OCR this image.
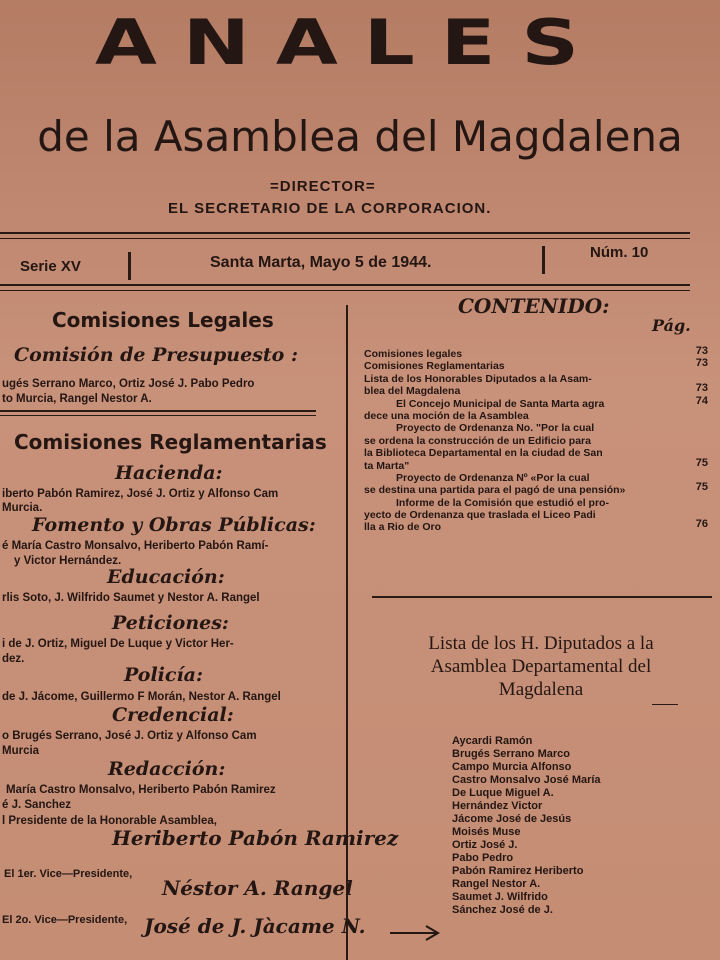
ANALES
de la Asamblea del Magdalena
=DIRECTOR=
EL SECRETARIO DE LA CORPORACION.
Serie XV	Santa Marta, Mayo 5 de 1944.
Núm. 10
Comisiones Legales
Comisión de Presupuesto :
ugés Serrano Marco, Ortiz José J. Pabo Pedro
to Murcia, Rangel Nestor A.
Comisiones Reglamentarias
Hacienda:
iberto Pabón Ramirez, José J. Ortiz y Alfonso Cam
Murcia.
Fomento y Obras Públicas:
é María Castro Monsalvo, Heriberto Pabón Ramí-
y Victor Hernández.
Educación:
rlis Soto, J. Wilfrido Saumet y Nestor A. Rangel
Peticiones:
i de J. Ortiz, Miguel De Luque y Victor Her-
dez.
Policía:
de J. Jácome, Guillermo F Morán, Nestor A. Rangel
Credencial:
o Brugés Serrano, José J. Ortiz y Alfonso Cam
Murcia
Redacción:
María Castro Monsalvo, Heriberto Pabón Ramirez
é J. Sanchez
l Presidente de la Honorable Asamblea,
Heriberto Pabón Ramirez
El 1er. Vice—Presidente,
Néstor A. Rangel
El 2o. Vice—Presidente, José de J. Jàcame N.
CONTENIDO:
Pág.
Comisiones legales	73
Comisiones Reglamentarias	73
Lista de los Honorables Diputados a la Asam-
blea del Magdalena	73
El Concejo Municipal de Santa Marta agra	74
dece una moción de la Asamblea
Proyecto de Ordenanza No. "Por la cual
se ordena la construcción de un Edificio para
la Biblioteca Departamental en la ciudad de San
ta Marta"	75
Proyecto de Ordenanza Nº «Por la cual
se destina una partida para el pagó de una pensión»	75
Informe de la Comisión que estudió el pro-
yecto de Ordenanza que traslada el Liceo Padi
lla a Rio de Oro	76
Lista de los H. Diputados a la
Asamblea Departamental del
Magdalena
Aycardi Ramón
Brugés Serrano Marco
Campo Murcia Alfonso
Castro Monsalvo José María
De Luque Miguel A.
Hernández Victor
Jácome José de Jesús
Moisés Muse
Ortiz José J.
Pabo Pedro
Pabón Ramirez Heriberto
Rangel Nestor A.
Saumet J. Wilfrido
Sánchez José de J.
